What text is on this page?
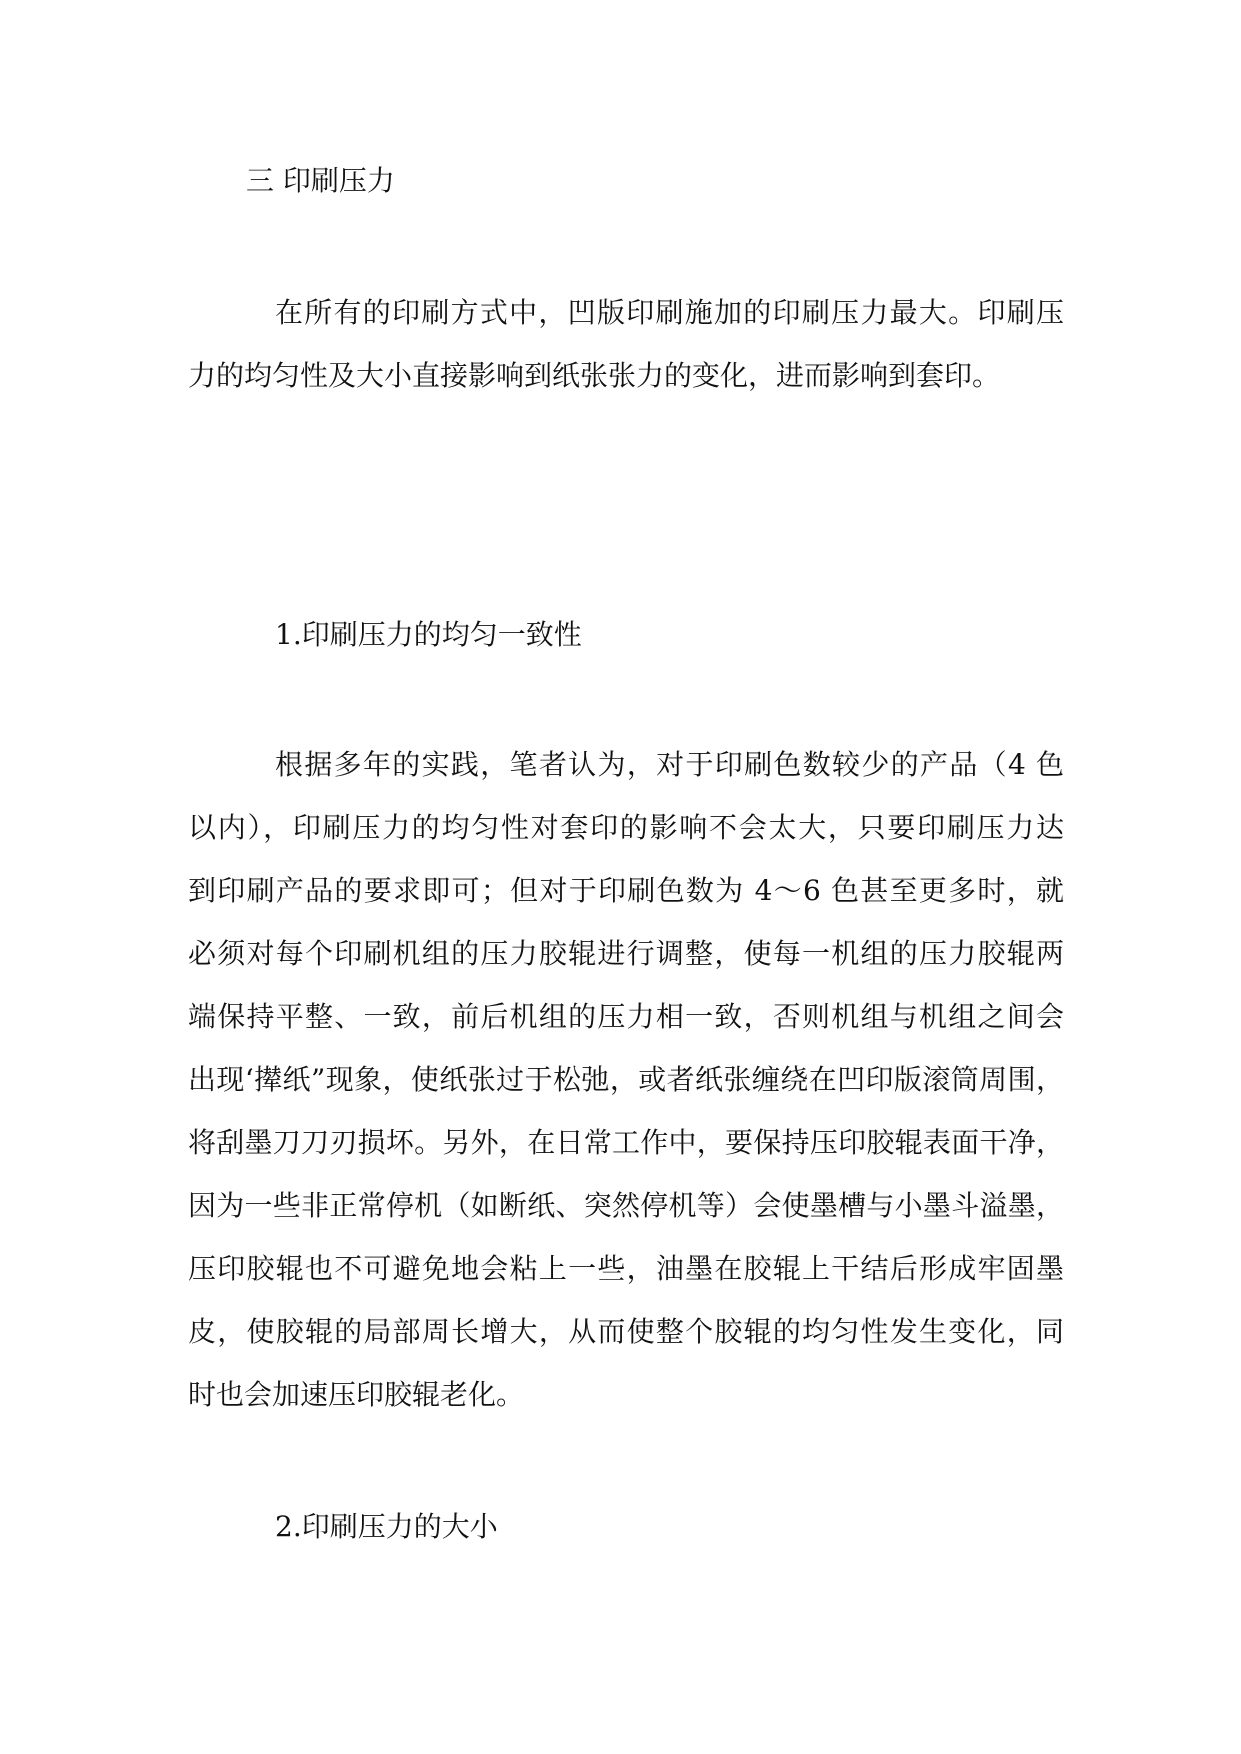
三 印刷压力

在所有的印刷方式中，凹版印刷施加的印刷压力最大。印刷压

力的均匀性及大小直接影响到纸张张力的变化，进而影响到套印。

1.印刷压力的均匀一致性

根据多年的实践，笔者认为，对于印刷色数较少的产品（4 色

以内），印刷压力的均匀性对套印的影响不会太大，只要印刷压力达

到印刷产品的要求即可；但对于印刷色数为 4～6 色甚至更多时，就

必须对每个印刷机组的压力胶辊进行调整，使每一机组的压力胶辊两

端保持平整、一致，前后机组的压力相一致，否则机组与机组之间会

出现‘撵纸”现象，使纸张过于松弛，或者纸张缠绕在凹印版滚筒周围，

将刮墨刀刀刃损坏。另外，在日常工作中，要保持压印胶辊表面干净，

因为一些非正常停机（如断纸、突然停机等）会使墨槽与小墨斗溢墨，

压印胶辊也不可避免地会粘上一些，油墨在胶辊上干结后形成牢固墨

皮，使胶辊的局部周长增大，从而使整个胶辊的均匀性发生变化，同

时也会加速压印胶辊老化。

2.印刷压力的大小
